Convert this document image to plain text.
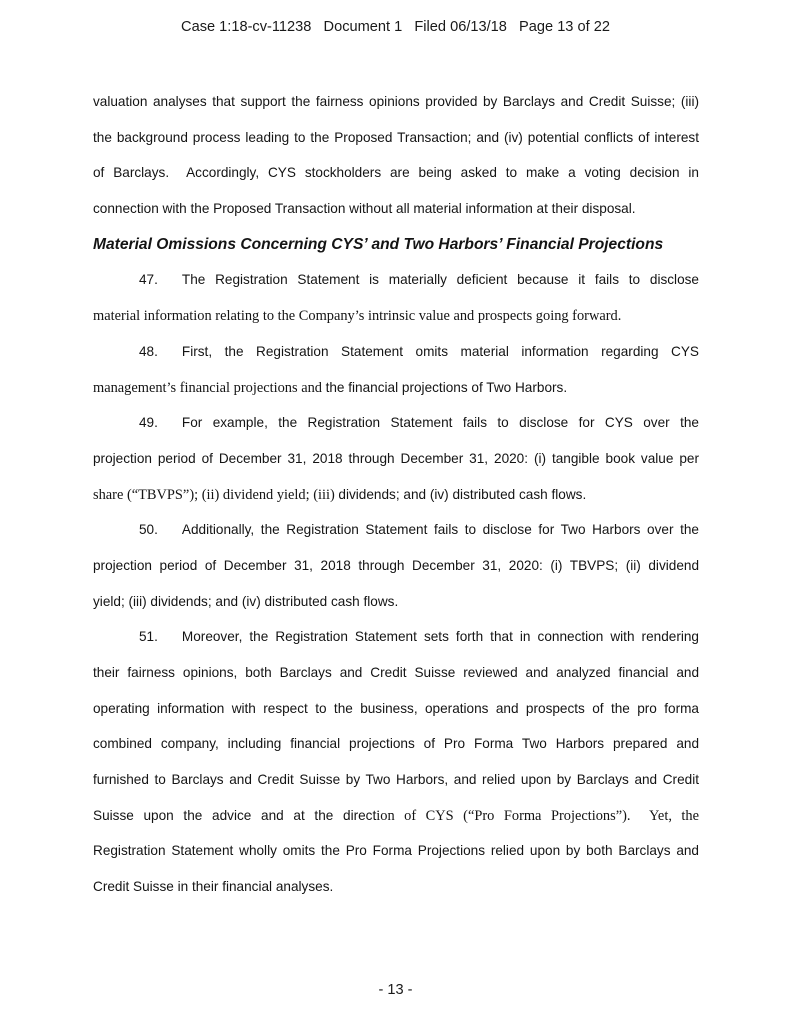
Case 1:18-cv-11238   Document 1   Filed 06/13/18   Page 13 of 22
valuation analyses that support the fairness opinions provided by Barclays and Credit Suisse; (iii)
the background process leading to the Proposed Transaction; and (iv) potential conflicts of interest
of Barclays.  Accordingly, CYS stockholders are being asked to make a voting decision in
connection with the Proposed Transaction without all material information at their disposal.
Material Omissions Concerning CYS’ and Two Harbors’ Financial Projections
47. The Registration Statement is materially deficient because it fails to disclose
material information relating to the Company’s intrinsic value and prospects going forward.
48. First, the Registration Statement omits material information regarding CYS
management’s financial projections and the financial projections of Two Harbors.
49. For example, the Registration Statement fails to disclose for CYS over the
projection period of December 31, 2018 through December 31, 2020: (i) tangible book value per
share (“TBVPS”); (ii) dividend yield; (iii) dividends; and (iv) distributed cash flows.
50. Additionally, the Registration Statement fails to disclose for Two Harbors over the
projection period of December 31, 2018 through December 31, 2020: (i) TBVPS; (ii) dividend
yield; (iii) dividends; and (iv) distributed cash flows.
51. Moreover, the Registration Statement sets forth that in connection with rendering
their fairness opinions, both Barclays and Credit Suisse reviewed and analyzed financial and
operating information with respect to the business, operations and prospects of the pro forma
combined company, including financial projections of Pro Forma Two Harbors prepared and
furnished to Barclays and Credit Suisse by Two Harbors, and relied upon by Barclays and Credit
Suisse upon the advice and at the direction of CYS (“Pro Forma Projections”).  Yet, the
Registration Statement wholly omits the Pro Forma Projections relied upon by both Barclays and
Credit Suisse in their financial analyses.
- 13 -
